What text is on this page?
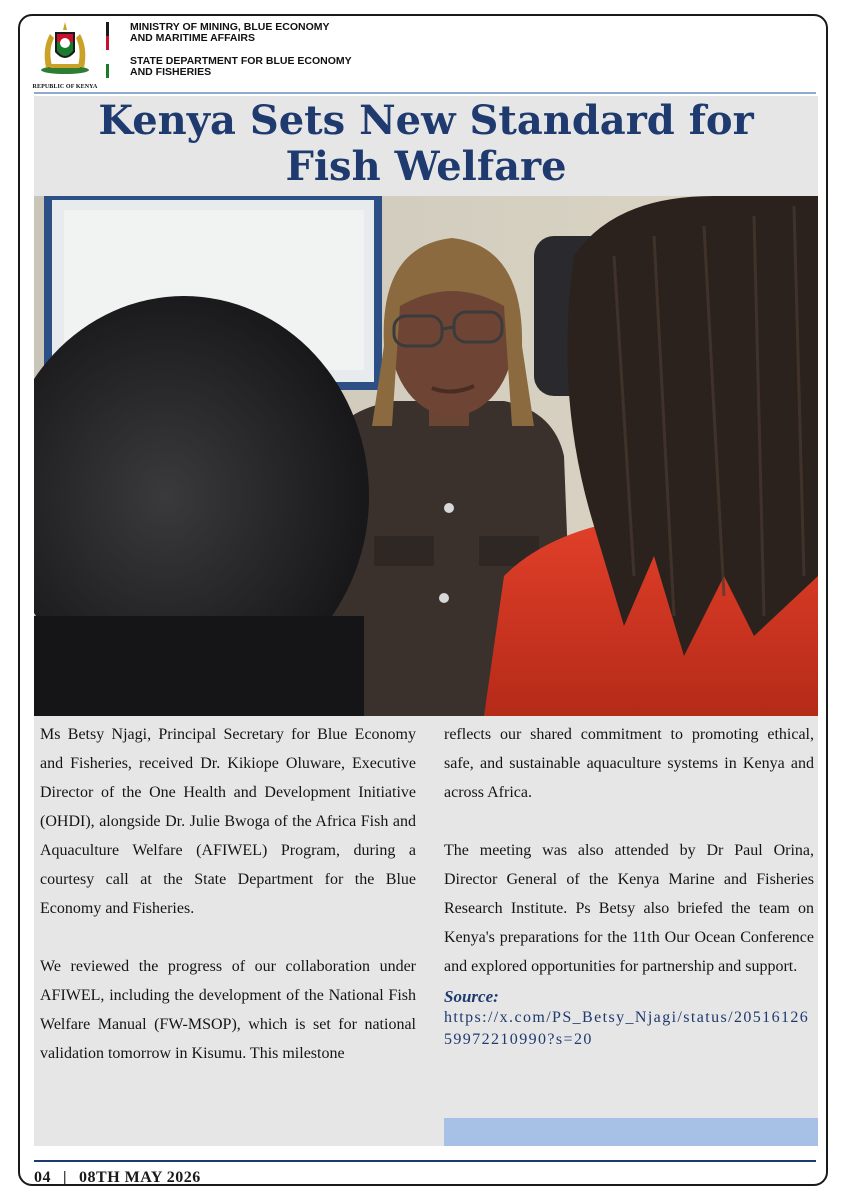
REPUBLIC OF KENYA
MINISTRY OF MINING, BLUE ECONOMY
AND MARITIME AFFAIRS
STATE DEPARTMENT FOR BLUE ECONOMY
AND FISHERIES
Kenya Sets New Standard for
Fish Welfare

Ms Betsy Njagi, Principal Secretary for Blue Economy and Fisheries, received Dr. Kikiope Oluware, Executive Director of the One Health and Development Initiative (OHDI), alongside Dr. Julie Bwoga of the Africa Fish and Aquaculture Welfare (AFIWEL) Program, during a courtesy call at the State Department for the Blue Economy and Fisheries.

We reviewed the progress of our collaboration under AFIWEL, including the development of the National Fish Welfare Manual (FW-MSOP), which is set for national validation tomorrow in Kisumu. This milestone

reflects our shared commitment to promoting ethical, safe, and sustainable aquaculture systems in Kenya and across Africa.

The meeting was also attended by Dr Paul Orina, Director General of the Kenya Marine and Fisheries Research Institute. Ps Betsy also briefed the team on Kenya's preparations for the 11th Our Ocean Conference and explored opportunities for partnership and support.

Source:
https://x.com/PS_Betsy_Njagi/status/2051612659972210990?s=20
04 | 08TH MAY 2026
